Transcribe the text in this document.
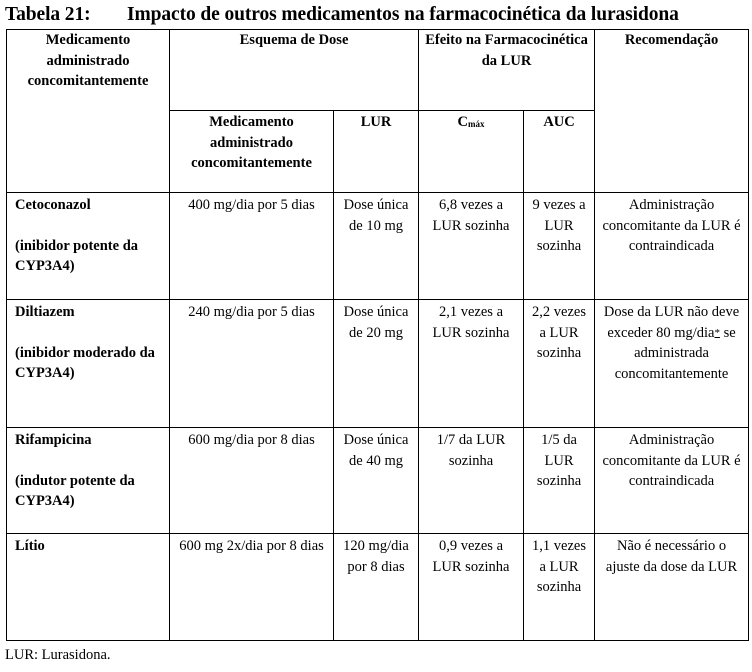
Tabela 21: Impacto de outros medicamentos na farmacocinética da lurasidona
Medicamento administrado concomitantemente	Esquema de Dose		Efeito na Farmacocinética da LUR		Recomendação
	Medicamento administrado concomitantemente	LUR	$C_{máx}$	AUC	

Cetoconazol
(inibidor potente da CYP3A4)	400 mg/dia por 5 dias	Dose única de 10 mg	6,8 vezes a LUR sozinha	9 vezes a LUR sozinha	Administração concomitante da LUR é contraindicada

Diltiazem
(inibidor moderado da CYP3A4)	240 mg/dia por 5 dias	Dose única de 20 mg	2,1 vezes a LUR sozinha	2,2 vezes a LUR sozinha	Dose da LUR não deve exceder 80 mg/dia* se administrada concomitantemente

Rifampicina
(indutor potente da CYP3A4)	600 mg/dia por 8 dias	Dose única de 40 mg	1/7 da LUR sozinha	1/5 da LUR sozinha	Administração concomitante da LUR é contraindicada

Lítio	600 mg 2x/dia por 8 dias	120 mg/dia por 8 dias	0,9 vezes a LUR sozinha	1,1 vezes a LUR sozinha	Não é necessário o ajuste da dose da LUR
LUR: Lurasidona.
